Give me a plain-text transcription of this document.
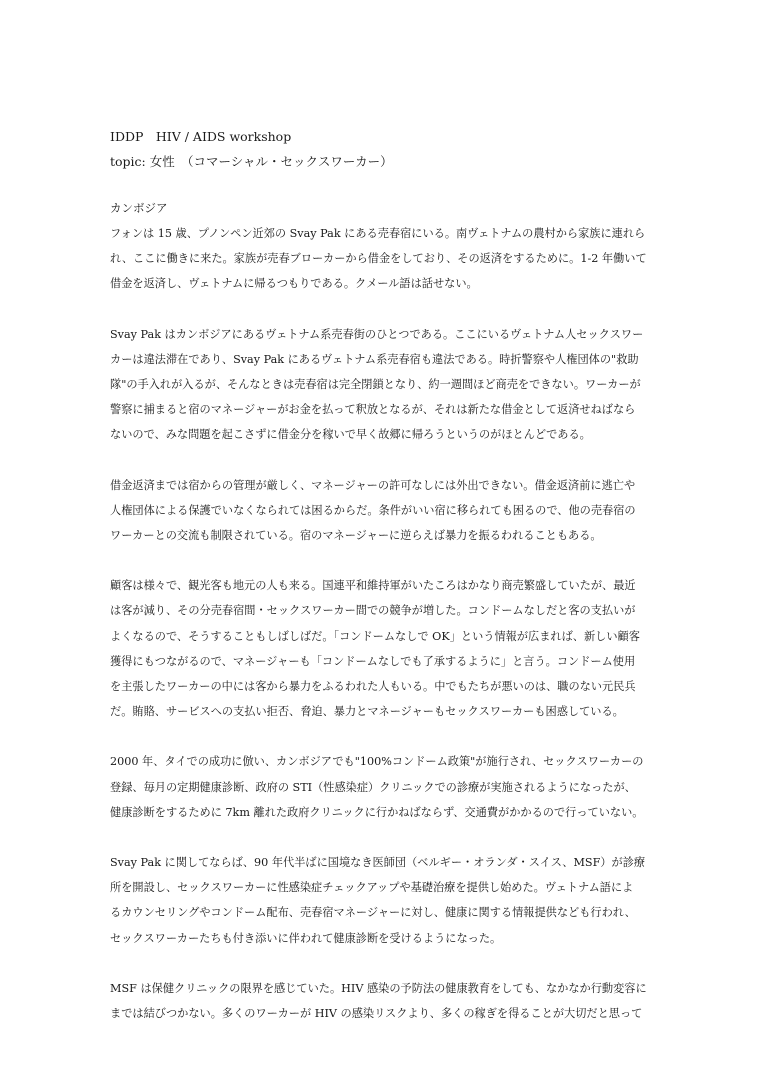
IDDP　HIV / AIDS workshop
topic: 女性　（コマーシャル・セックスワーカー）
カンボジア
フォンは 15 歳、プノンペン近郊の Svay Pak にある売春宿にいる。南ヴェトナムの農村から家族に連れら
れ、ここに働きに来た。家族が売春ブローカーから借金をしており、その返済をするために。1-2 年働いて
借金を返済し、ヴェトナムに帰るつもりである。クメール語は話せない。
Svay Pak はカンボジアにあるヴェトナム系売春街のひとつである。ここにいるヴェトナム人セックスワー
カーは違法滞在であり、Svay Pak にあるヴェトナム系売春宿も違法である。時折警察や人権団体の"救助
隊"の手入れが入るが、そんなときは売春宿は完全閉鎖となり、約一週間ほど商売をできない。ワーカーが
警察に捕まると宿のマネージャーがお金を払って釈放となるが、それは新たな借金として返済せねばなら
ないので、みな問題を起こさずに借金分を稼いで早く故郷に帰ろうというのがほとんどである。
借金返済までは宿からの管理が厳しく、マネージャーの許可なしには外出できない。借金返済前に逃亡や
人権団体による保護でいなくなられては困るからだ。条件がいい宿に移られても困るので、他の売春宿の
ワーカーとの交流も制限されている。宿のマネージャーに逆らえば暴力を振るわれることもある。
顧客は様々で、観光客も地元の人も来る。国連平和維持軍がいたころはかなり商売繁盛していたが、最近
は客が減り、その分売春宿間・セックスワーカー間での競争が増した。コンドームなしだと客の支払いが
よくなるので、そうすることもしばしばだ。「コンドームなしで OK」という情報が広まれば、新しい顧客
獲得にもつながるので、マネージャーも「コンドームなしでも了承するように」と言う。コンドーム使用
を主張したワーカーの中には客から暴力をふるわれた人もいる。中でもたちが悪いのは、職のない元民兵
だ。賄賂、サービスへの支払い拒否、脅迫、暴力とマネージャーもセックスワーカーも困惑している。
2000 年、タイでの成功に倣い、カンボジアでも"100%コンドーム政策"が施行され、セックスワーカーの
登録、毎月の定期健康診断、政府の STI（性感染症）クリニックでの診療が実施されるようになったが、
健康診断をするために 7km 離れた政府クリニックに行かねばならず、交通費がかかるので行っていない。
Svay Pak に関してならば、90 年代半ばに国境なき医師団（ベルギー・オランダ・スイス、MSF）が診療
所を開設し、セックスワーカーに性感染症チェックアップや基礎治療を提供し始めた。ヴェトナム語によ
るカウンセリングやコンドーム配布、売春宿マネージャーに対し、健康に関する情報提供なども行われ、
セックスワーカーたちも付き添いに伴われて健康診断を受けるようになった。
MSF は保健クリニックの限界を感じていた。HIV 感染の予防法の健康教育をしても、なかなか行動変容に
までは結びつかない。多くのワーカーが HIV の感染リスクより、多くの稼ぎを得ることが大切だと思って
